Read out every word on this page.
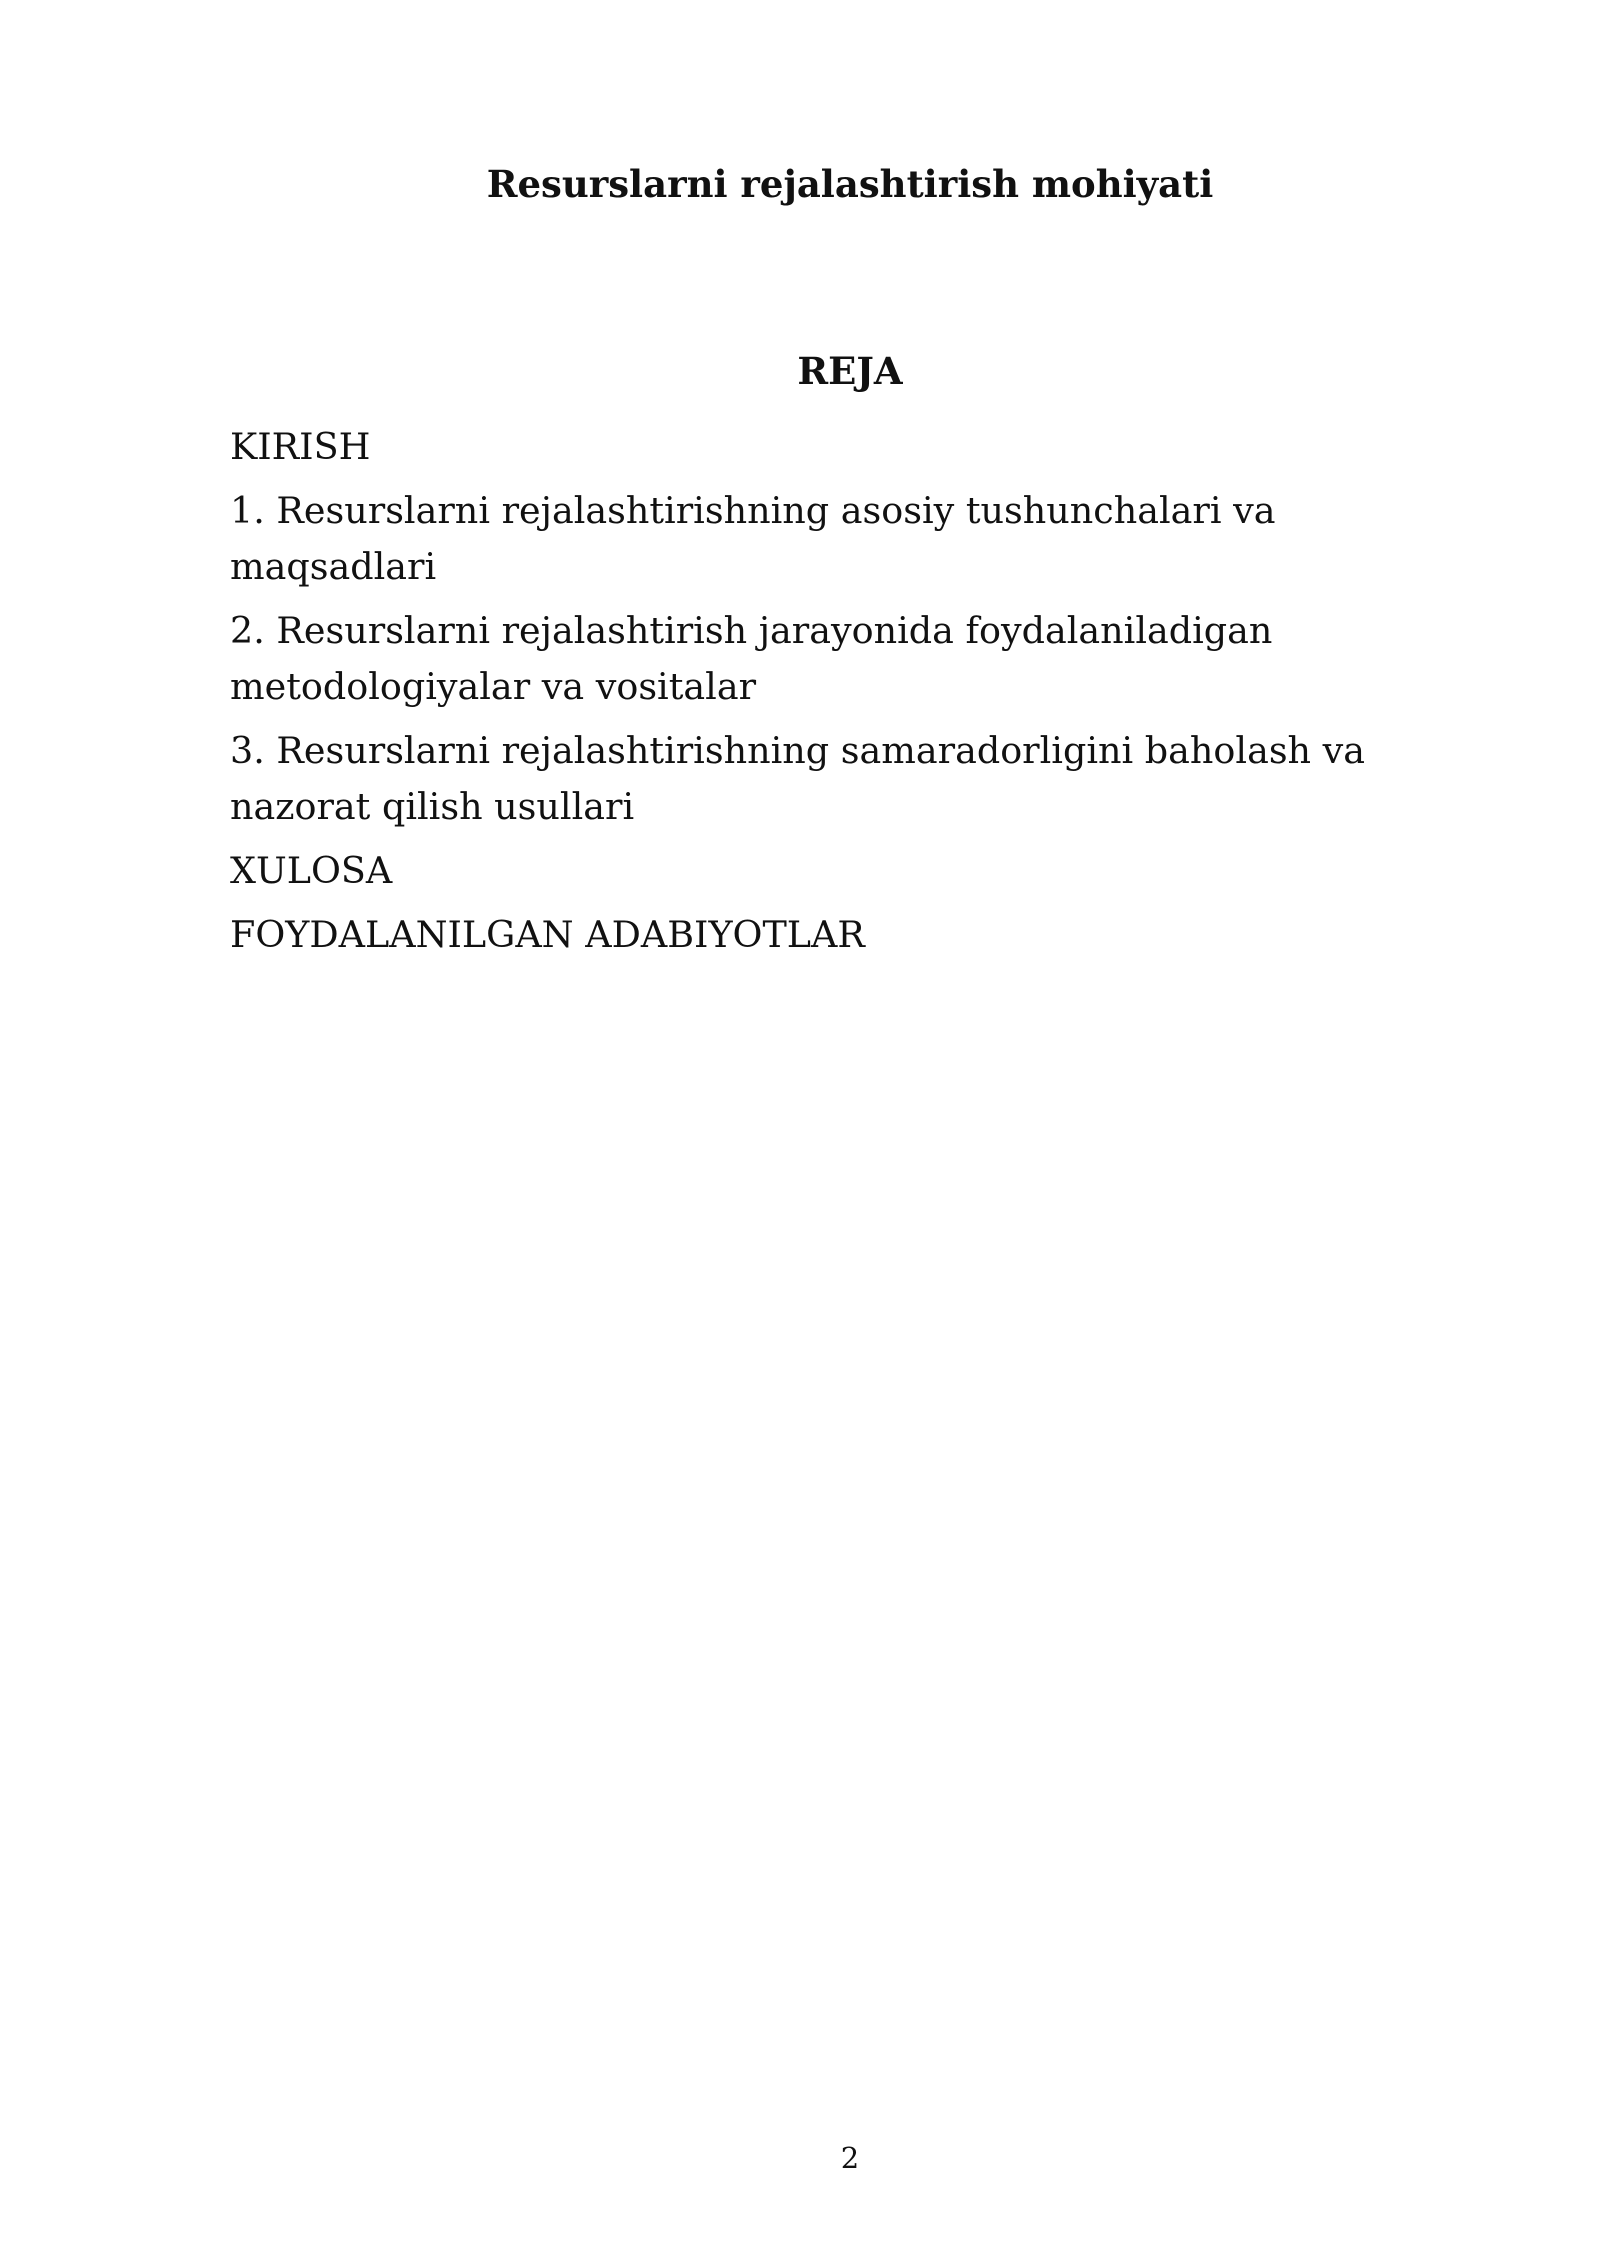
Resurslarni rejalashtirish mohiyati
REJA
KIRISH
1. Resurslarni rejalashtirishning asosiy tushunchalari va maqsadlari
2. Resurslarni rejalashtirish jarayonida foydalaniladigan metodologiyalar va vositalar
3. Resurslarni rejalashtirishning samaradorligini baholash va nazorat qilish usullari
XULOSA
FOYDALANILGAN ADABIYOTLAR
2
